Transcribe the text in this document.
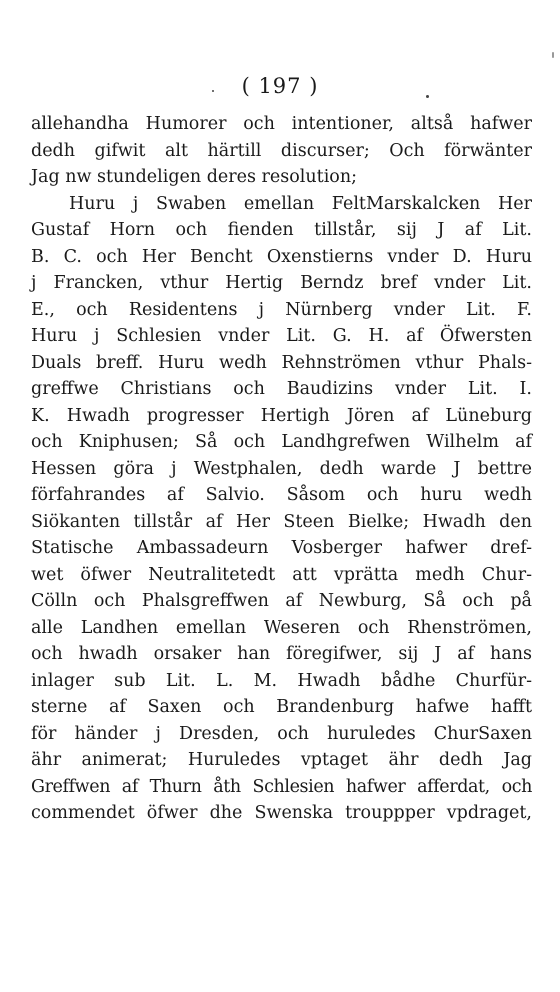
( 197 )
allehandha Humorer och intentioner, altså hafwer
dedh gifwit alt härtill discurser; Och förwänter
Jag nw stundeligen deres resolution;
Huru j Swaben emellan FeltMarskalcken Her
Gustaf Horn och fienden tillstår, sij J af Lit.
B. C. och Her Bencht Oxenstierns vnder D. Huru
j Francken, vthur Hertig Berndz bref vnder Lit.
E., och Residentens j Nürnberg vnder Lit. F.
Huru j Schlesien vnder Lit. G. H. af Öfwersten
Duals breff. Huru wedh Rehnströmen vthur Phals-
greffwe Christians och Baudizins vnder Lit. I.
K. Hwadh progresser Hertigh Jören af Lüneburg
och Kniphusen; Så och Landhgrefwen Wilhelm af
Hessen göra j Westphalen, dedh warde J bettre
förfahrandes af Salvio. Såsom och huru wedh
Siökanten tillstår af Her Steen Bielke; Hwadh den
Statische Ambassadeurn Vosberger hafwer dref-
wet öfwer Neutralitetedt att vprätta medh Chur-
Cölln och Phalsgreffwen af Newburg, Så och på
alle Landhen emellan Weseren och Rhenströmen,
och hwadh orsaker han föregifwer, sij J af hans
inlager sub Lit. L. M. Hwadh bådhe Churfür-
sterne af Saxen och Brandenburg hafwe hafft
för händer j Dresden, och huruledes ChurSaxen
ähr animerat; Huruledes vptaget ähr dedh Jag
Greffwen af Thurn åth Schlesien hafwer afferdat, och
commendet öfwer dhe Swenska trouppper vpdraget,
